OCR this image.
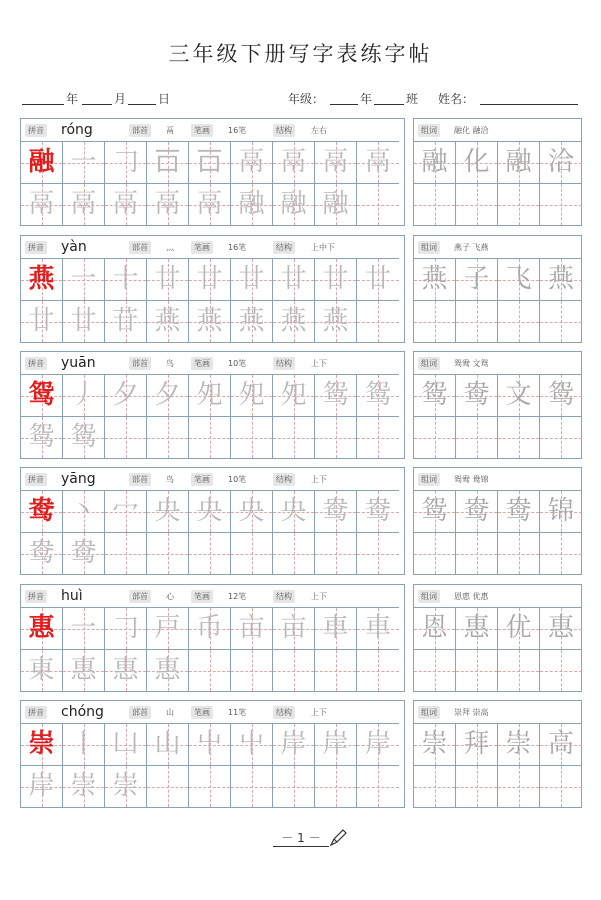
三年级下册写字表练字帖
年	月	日	年级：	年	班 姓名：
拼音 róng	部首	鬲	笔画	16笔	结构	左右
融 一 𠃌 𠮛 𠮛 鬲 鬲 鬲 鬲
鬲 鬲 鬲 鬲 鬲 融 融 融
组词	融化 融洽
融 化 融 洽
拼音 yàn	部首	灬	笔画	16笔	结构	上中下
燕 一 十 廿 廿 廿 廿 廿 廿
廿 廿 苷 燕 燕 燕 燕 燕
组词	燕子 飞燕
燕 子 飞 燕
拼音 yuān	部首	鸟	笔画	10笔	结构	上下
鸳 丿 夕 夕 夗 夗 夗 鸳 鸳
鸳 鸳
组词	鸳鸯 文鸳
鸳 鸯 文 鸳
拼音 yāng	部首	鸟	笔画	10笔	结构	上下
鸯 丶 冖 央 央 央 央 鸯 鸯
鸯 鸯
组词	鸳鸯 鸯锦
鸳 鸯 鸯 锦
拼音 huì	部首	心	笔画	12笔	结构	上下
惠 一 𠃌 戸 币 亩 亩 車 車
東 惠 惠 惠
组词	恩惠 优惠
恩 惠 优 惠
拼音 chóng	部首	山	笔画	11笔	结构	上下
崇 丨 凵 山 屮 屮 岸 岸 岸
岸 崇 崇
组词	崇拜 崇高
崇 拜 崇 高
－ 1 －
